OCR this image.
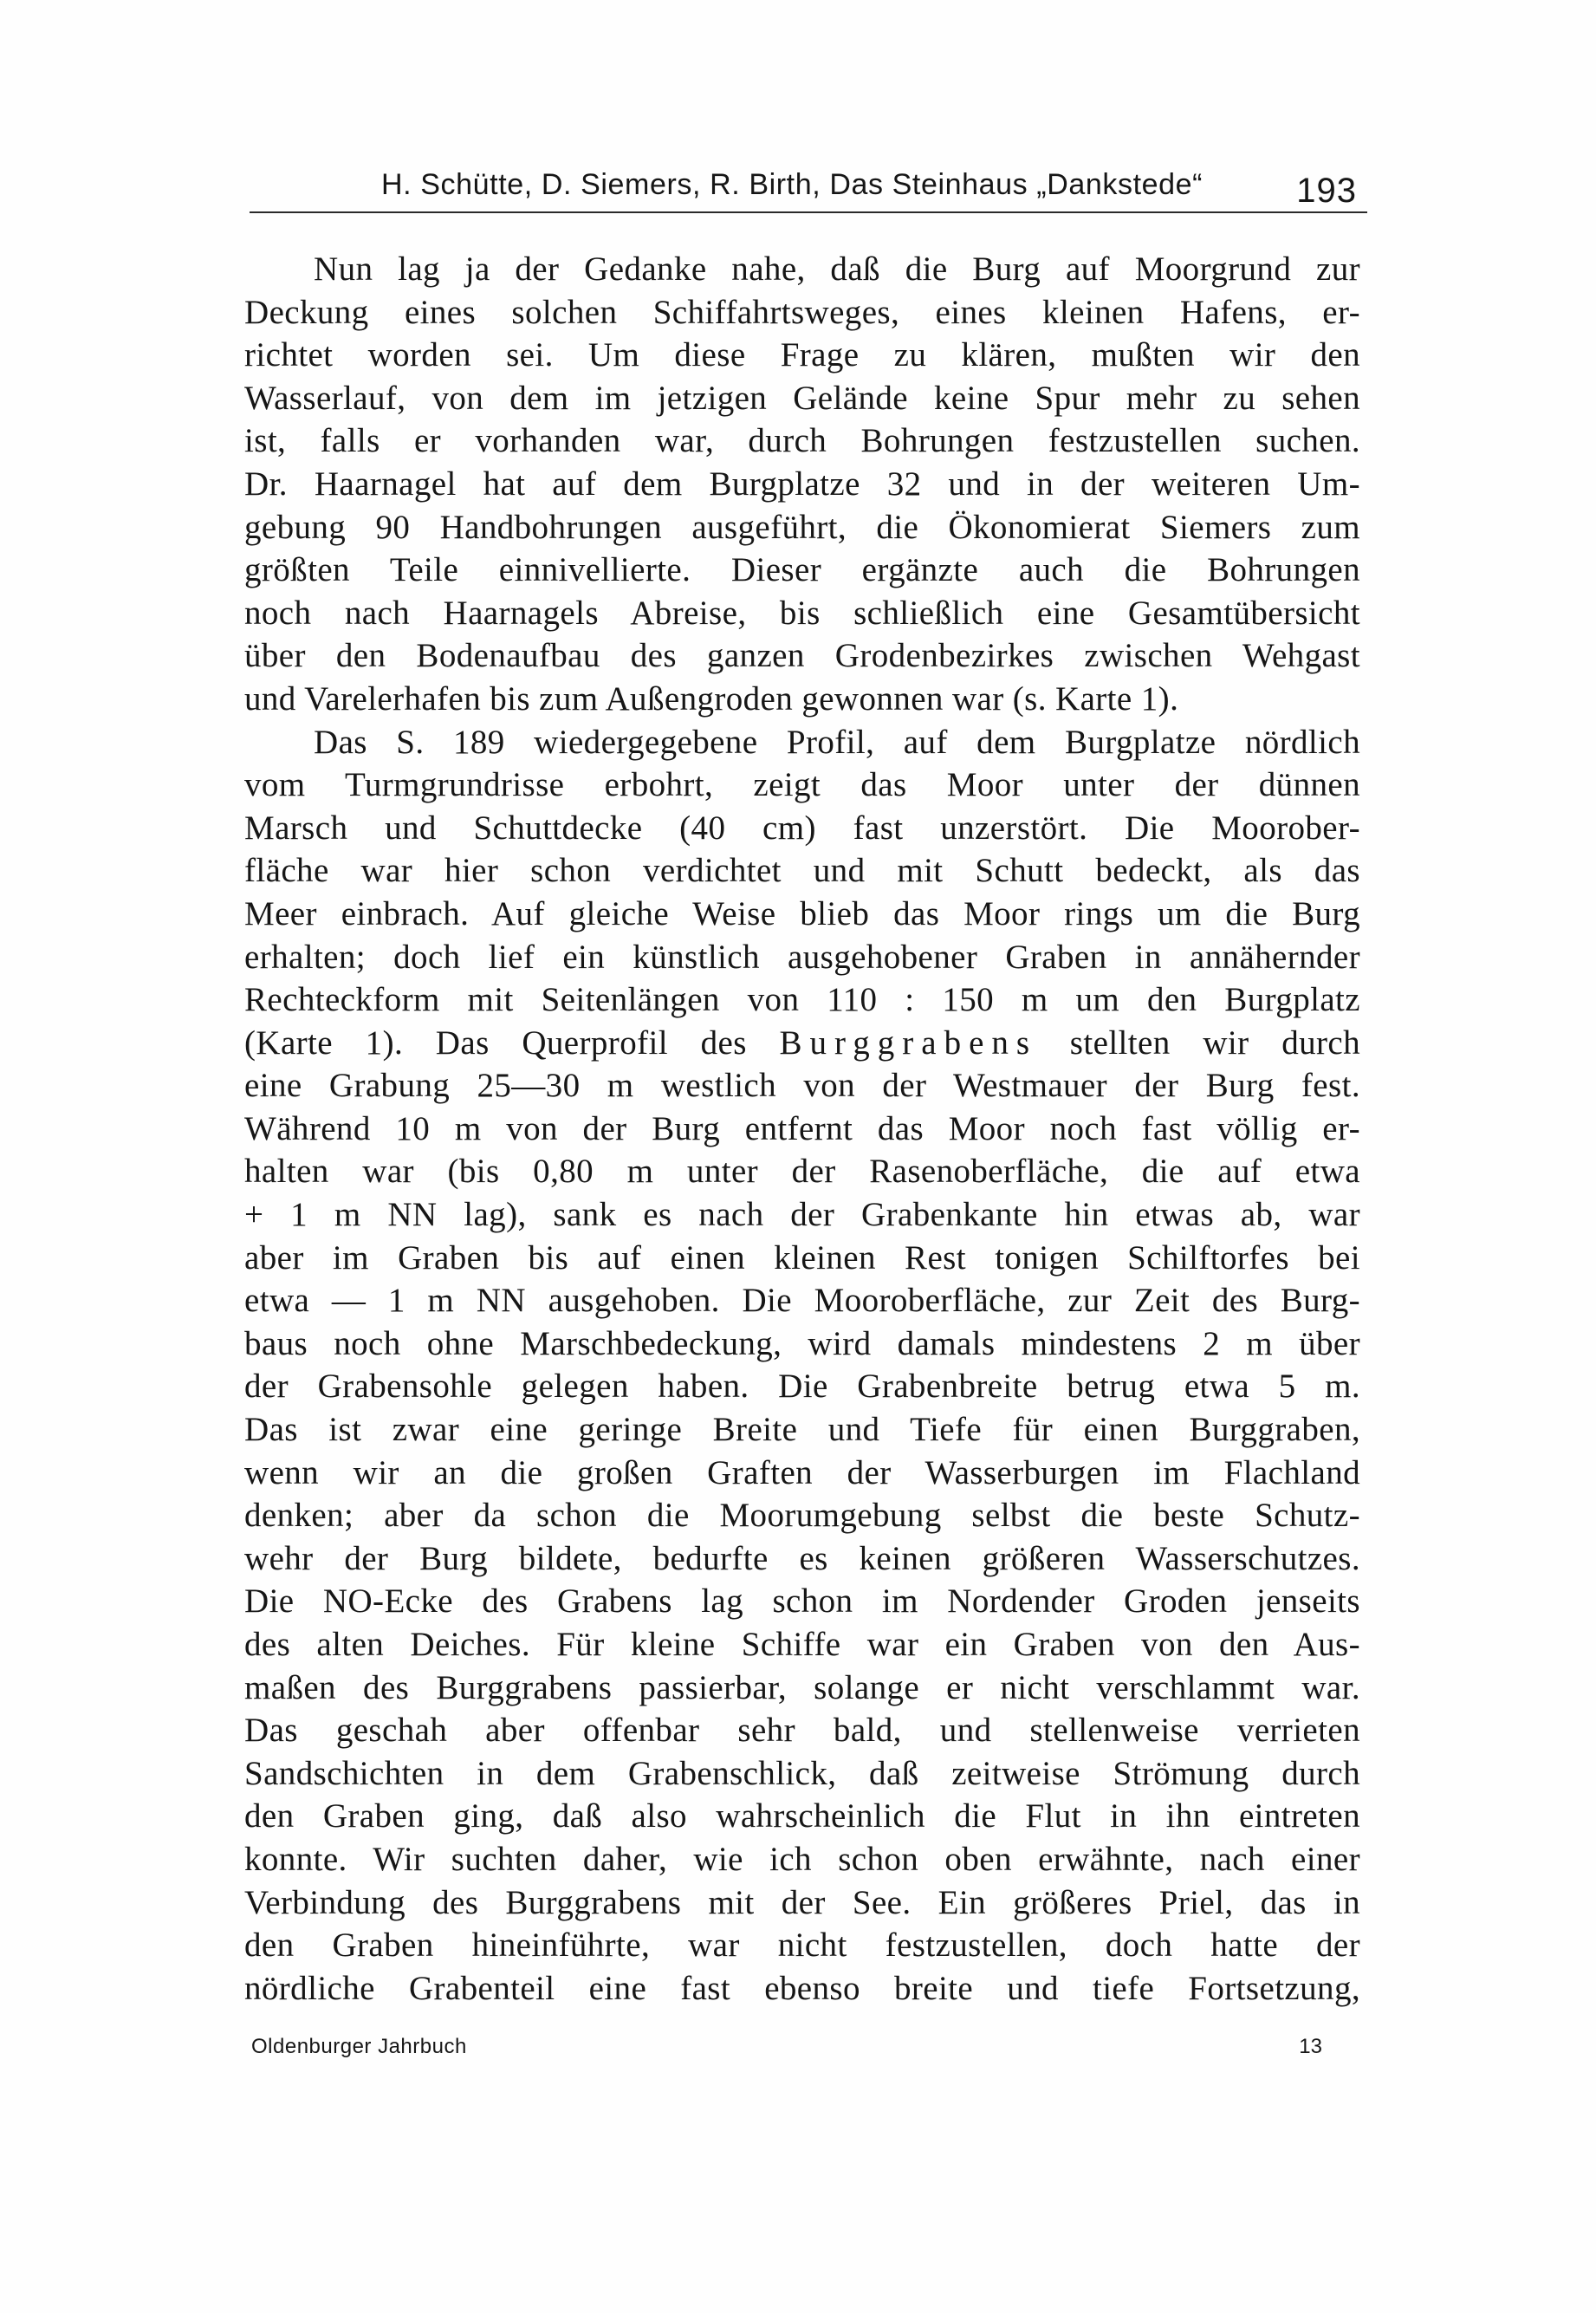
H. Schütte, D. Siemers, R. Birth, Das Steinhaus „Dankstede“	193
Nun lag ja der Gedanke nahe, daß die Burg auf Moorgrund zur
Deckung eines solchen Schiffahrtsweges, eines kleinen Hafens, er-
richtet worden sei. Um diese Frage zu klären, mußten wir den
Wasserlauf, von dem im jetzigen Gelände keine Spur mehr zu sehen
ist, falls er vorhanden war, durch Bohrungen festzustellen suchen.
Dr. Haarnagel hat auf dem Burgplatze 32 und in der weiteren Um-
gebung 90 Handbohrungen ausgeführt, die Ökonomierat Siemers zum
größten Teile einnivellierte. Dieser ergänzte auch die Bohrungen
noch nach Haarnagels Abreise, bis schließlich eine Gesamtübersicht
über den Bodenaufbau des ganzen Grodenbezirkes zwischen Wehgast
und Varelerhafen bis zum Außengroden gewonnen war (s. Karte 1).
Das S. 189 wiedergegebene Profil, auf dem Burgplatze nördlich
vom Turmgrundrisse erbohrt, zeigt das Moor unter der dünnen
Marsch und Schuttdecke (40 cm) fast unzerstört. Die Moorober-
fläche war hier schon verdichtet und mit Schutt bedeckt, als das
Meer einbrach. Auf gleiche Weise blieb das Moor rings um die Burg
erhalten; doch lief ein künstlich ausgehobener Graben in annähernder
Rechteckform mit Seitenlängen von 110 : 150 m um den Burgplatz
(Karte 1). Das Querprofil des Burggrabens stellten wir durch
eine Grabung 25—30 m westlich von der Westmauer der Burg fest.
Während 10 m von der Burg entfernt das Moor noch fast völlig er-
halten war (bis 0,80 m unter der Rasenoberfläche, die auf etwa
+ 1 m NN lag), sank es nach der Grabenkante hin etwas ab, war
aber im Graben bis auf einen kleinen Rest tonigen Schilftorfes bei
etwa — 1 m NN ausgehoben. Die Mooroberfläche, zur Zeit des Burg-
baus noch ohne Marschbedeckung, wird damals mindestens 2 m über
der Grabensohle gelegen haben. Die Grabenbreite betrug etwa 5 m.
Das ist zwar eine geringe Breite und Tiefe für einen Burggraben,
wenn wir an die großen Graften der Wasserburgen im Flachland
denken; aber da schon die Moorumgebung selbst die beste Schutz-
wehr der Burg bildete, bedurfte es keinen größeren Wasserschutzes.
Die NO-Ecke des Grabens lag schon im Nordender Groden jenseits
des alten Deiches. Für kleine Schiffe war ein Graben von den Aus-
maßen des Burggrabens passierbar, solange er nicht verschlammt war.
Das geschah aber offenbar sehr bald, und stellenweise verrieten
Sandschichten in dem Grabenschlick, daß zeitweise Strömung durch
den Graben ging, daß also wahrscheinlich die Flut in ihn eintreten
konnte. Wir suchten daher, wie ich schon oben erwähnte, nach einer
Verbindung des Burggrabens mit der See. Ein größeres Priel, das in
den Graben hineinführte, war nicht festzustellen, doch hatte der
nördliche Grabenteil eine fast ebenso breite und tiefe Fortsetzung,
Oldenburger Jahrbuch	13
